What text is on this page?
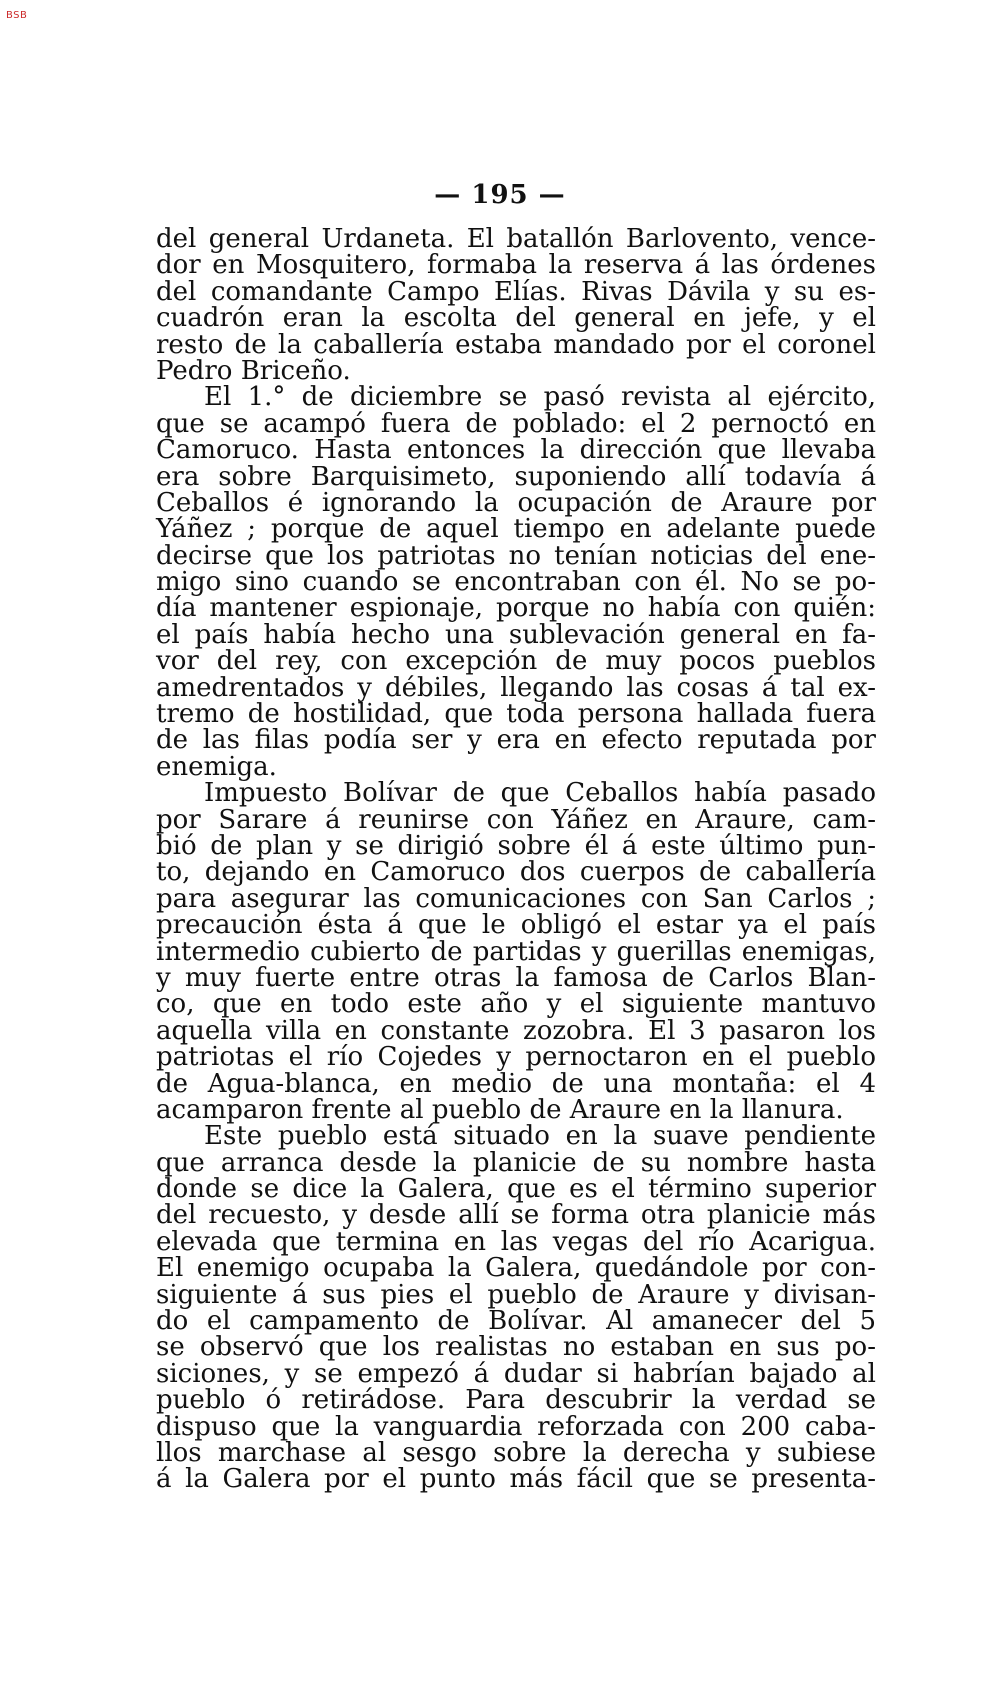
BSB
— 195 —
del general Urdaneta. El batallón Barlovento, vence-
dor en Mosquitero, formaba la reserva á las órdenes
del comandante Campo Elías. Rivas Dávila y su es-
cuadrón eran la escolta del general en jefe, y el
resto de la caballería estaba mandado por el coronel
Pedro Briceño.
El 1.° de diciembre se pasó revista al ejército,
que se acampó fuera de poblado: el 2 pernoctó en
Camoruco. Hasta entonces la dirección que llevaba
era sobre Barquisimeto, suponiendo allí todavía á
Ceballos é ignorando la ocupación de Araure por
Yáñez ; porque de aquel tiempo en adelante puede
decirse que los patriotas no tenían noticias del ene-
migo sino cuando se encontraban con él. No se po-
día mantener espionaje, porque no había con quién:
el país había hecho una sublevación general en fa-
vor del rey, con excepción de muy pocos pueblos
amedrentados y débiles, llegando las cosas á tal ex-
tremo de hostilidad, que toda persona hallada fuera
de las filas podía ser y era en efecto reputada por
enemiga.
Impuesto Bolívar de que Ceballos había pasado
por Sarare á reunirse con Yáñez en Araure, cam-
bió de plan y se dirigió sobre él á este último pun-
to, dejando en Camoruco dos cuerpos de caballería
para asegurar las comunicaciones con San Carlos ;
precaución ésta á que le obligó el estar ya el país
intermedio cubierto de partidas y guerillas enemigas,
y muy fuerte entre otras la famosa de Carlos Blan-
co, que en todo este año y el siguiente mantuvo
aquella villa en constante zozobra. El 3 pasaron los
patriotas el río Cojedes y pernoctaron en el pueblo
de Agua-blanca, en medio de una montaña: el 4
acamparon frente al pueblo de Araure en la llanura.
Este pueblo está situado en la suave pendiente
que arranca desde la planicie de su nombre hasta
donde se dice la Galera, que es el término superior
del recuesto, y desde allí se forma otra planicie más
elevada que termina en las vegas del río Acarigua.
El enemigo ocupaba la Galera, quedándole por con-
siguiente á sus pies el pueblo de Araure y divisan-
do el campamento de Bolívar. Al amanecer del 5
se observó que los realistas no estaban en sus po-
siciones, y se empezó á dudar si habrían bajado al
pueblo ó retirádose. Para descubrir la verdad se
dispuso que la vanguardia reforzada con 200 caba-
llos marchase al sesgo sobre la derecha y subiese
á la Galera por el punto más fácil que se presenta-
